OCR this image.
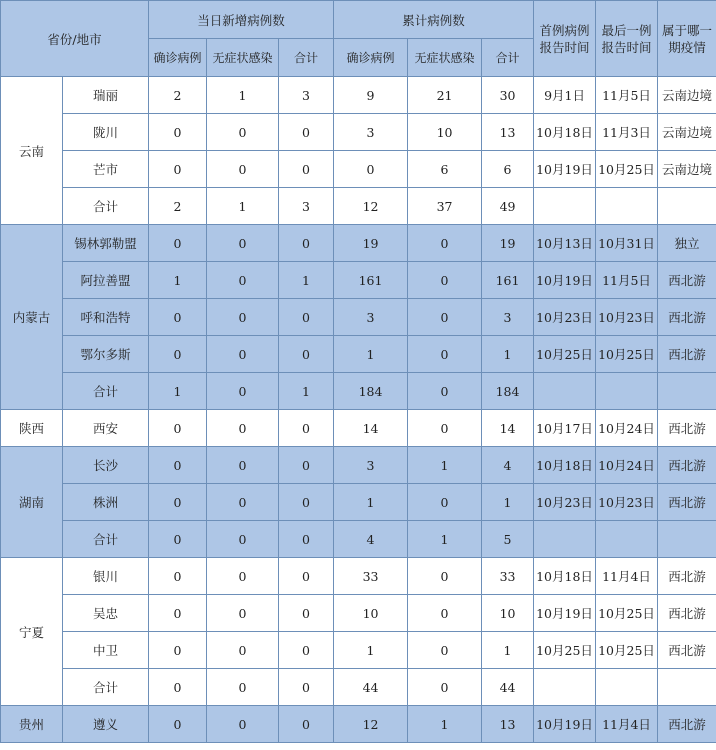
省份/地市		当日新增病例数			累计病例数			首例病例报告时间	最后一例报告时间	属于哪一期疫情
		确诊病例	无症状感染	合计	确诊病例	无症状感染	合计			
云南	瑞丽	2	1	3	9	21	30	9月1日	11月5日	云南边境
	陇川	0	0	0	3	10	13	10月18日	11月3日	云南边境
	芒市	0	0	0	0	6	6	10月19日	10月25日	云南边境
	合计	2	1	3	12	37	49			
内蒙古	锡林郭勒盟	0	0	0	19	0	19	10月13日	10月31日	独立
	阿拉善盟	1	0	1	161	0	161	10月19日	11月5日	西北游
	呼和浩特	0	0	0	3	0	3	10月23日	10月23日	西北游
	鄂尔多斯	0	0	0	1	0	1	10月25日	10月25日	西北游
	合计	1	0	1	184	0	184			
陕西	西安	0	0	0	14	0	14	10月17日	10月24日	西北游
湖南	长沙	0	0	0	3	1	4	10月18日	10月24日	西北游
	株洲	0	0	0	1	0	1	10月23日	10月23日	西北游
	合计	0	0	0	4	1	5			
宁夏	银川	0	0	0	33	0	33	10月18日	11月4日	西北游
	吴忠	0	0	0	10	0	10	10月19日	10月25日	西北游
	中卫	0	0	0	1	0	1	10月25日	10月25日	西北游
	合计	0	0	0	44	0	44			
贵州	遵义	0	0	0	12	1	13	10月19日	11月4日	西北游
